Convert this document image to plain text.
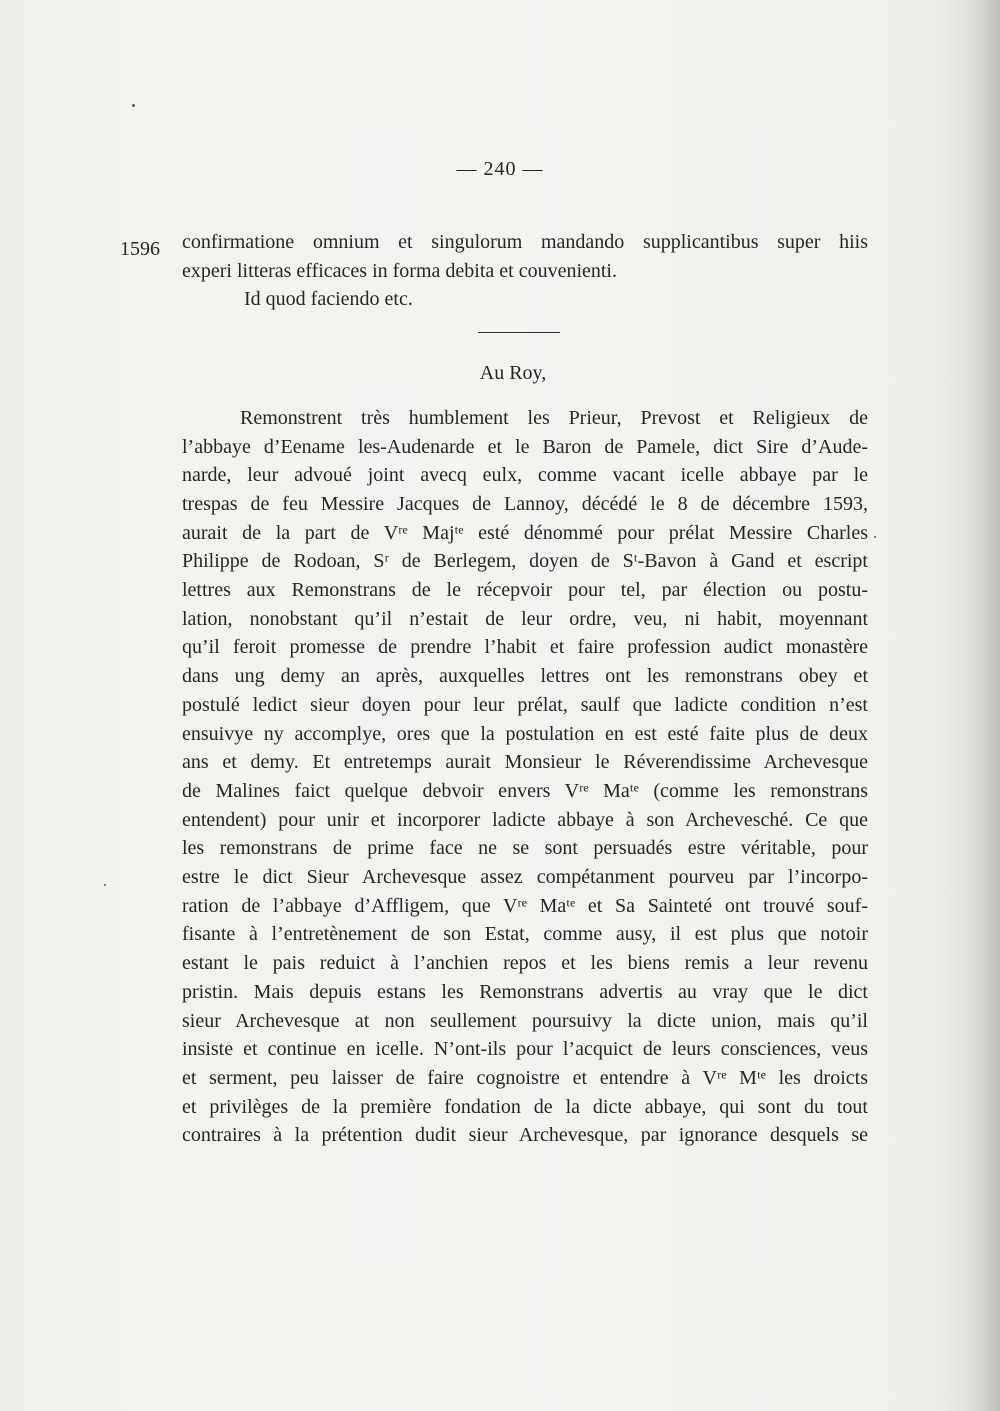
— 240 —
1596 confirmatione omnium et singulorum mandando supplicantibus super hiis
experi litteras efficaces in forma debita et couvenienti.
Id quod faciendo etc.
Au Roy,
Remonstrent très humblement les Prieur, Prevost et Religieux de
l’abbaye d’Eename les-Audenarde et le Baron de Pamele, dict Sire d’Aude-
narde, leur advoué joint avecq eulx, comme vacant icelle abbaye par le
trespas de feu Messire Jacques de Lannoy, décédé le 8 de décembre 1593,
aurait de la part de Vʳᵉ Majᵗᵉ esté dénommé pour prélat Messire Charles
Philippe de Rodoan, Sʳ de Berlegem, doyen de Sᵗ-Bavon à Gand et escript
lettres aux Remonstrans de le récepvoir pour tel, par élection ou postu-
lation, nonobstant qu’il n’estait de leur ordre, veu, ni habit, moyennant
qu’il feroit promesse de prendre l’habit et faire profession audict monastère
dans ung demy an après, auxquelles lettres ont les remonstrans obey et
postulé ledict sieur doyen pour leur prélat, saulf que ladicte condition n’est
ensuivye ny accomplye, ores que la postulation en est esté faite plus de deux
ans et demy. Et entretemps aurait Monsieur le Réverendissime Archevesque
de Malines faict quelque debvoir envers Vʳᵉ Maᵗᵉ (comme les remonstrans
entendent) pour unir et incorporer ladicte abbaye à son Archevesché. Ce que
les remonstrans de prime face ne se sont persuadés estre véritable, pour
estre le dict Sieur Archevesque assez compétanment pourveu par l’incorpo-
ration de l’abbaye d’Affligem, que Vʳᵉ Maᵗᵉ et Sa Sainteté ont trouvé souf-
fisante à l’entretènement de son Estat, comme ausy, il est plus que notoir
estant le pais reduict à l’anchien repos et les biens remis a leur revenu
pristin. Mais depuis estans les Remonstrans advertis au vray que le dict
sieur Archevesque at non seullement poursuivy la dicte union, mais qu’il
insiste et continue en icelle. N’ont-ils pour l’acquict de leurs consciences, veus
et serment, peu laisser de faire cognoistre et entendre à Vʳᵉ Mᵗᵉ les droicts
et privilèges de la première fondation de la dicte abbaye, qui sont du tout
contraires à la prétention dudit sieur Archevesque, par ignorance desquels se
